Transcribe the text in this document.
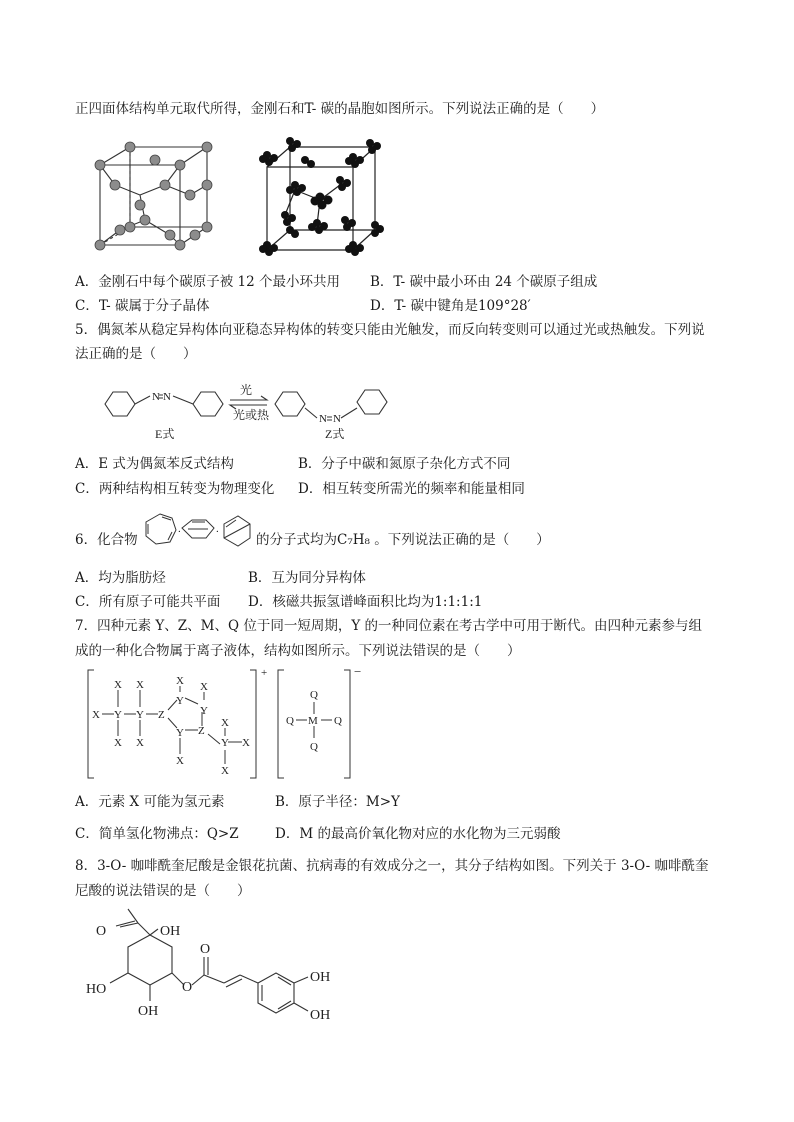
正四面体结构单元取代所得，金刚石和T- 碳的晶胞如图所示。下列说法正确的是（　　）
A．金刚石中每个碳原子被 12 个最小环共用 B．T- 碳中最小环由 24 个碳原子组成
C．T- 碳属于分子晶体	D．T- 碳中键角是109°28′
5．偶氮苯从稳定异构体向亚稳态异构体的转变只能由光触发，而反向转变则可以通过光或热触发。下列说
法正确的是（　　）
N N
N N
光
光或热
E式	Z式
A．E 式为偶氮苯反式结构	B．分子中碳和氮原子杂化方式不同
C．两种结构相互转变为物理变化 D．相互转变所需光的频率和能量相同
6．化合物
.	.
的分子式均为C₇H₈ 。下列说法正确的是（　　）
A．均为脂肪烃	B．互为同分异构体
C．所有原子可能共平面 D．核磁共振氢谱峰面积比均为1:1:1:1
7．四种元素 Y、Z、M、Q 位于同一短周期，Y 的一种同位素在考古学中可用于断代。由四种元素参与组
成的一种化合物属于离子液体，结构如图所示。下列说法错误的是（　　）
X Y Y Z
X
X
X
X
X
Y
X
Y
Y Z
X
X
Y X
X
Q
Q M Q
Q
+	−
A．元素 X 可能为氢元素	B．原子半径：M>Y
C．简单氢化物沸点：Q>Z	D．M 的最高价氧化物对应的水化物为三元弱酸
8．3-O- 咖啡酰奎尼酸是金银花抗菌、抗病毒的有效成分之一，其分子结构如图。下列关于 3-O- 咖啡酰奎
尼酸的说法错误的是（　　）
O	OH
HO
OH
O
O
OH
OH
